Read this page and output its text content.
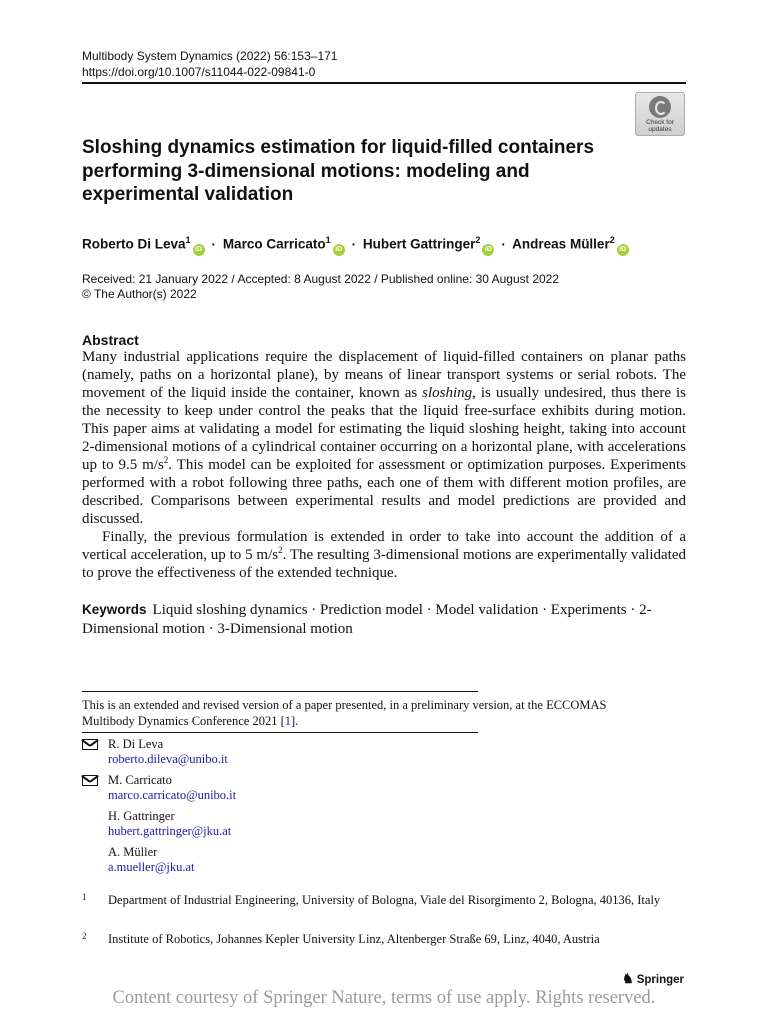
Multibody System Dynamics (2022) 56:153–171
https://doi.org/10.1007/s11044-022-09841-0
Check for
updates
Sloshing dynamics estimation for liquid-filled containers performing 3-dimensional motions: modeling and experimental validation
Roberto Di Leva$^1$iD · Marco Carricato$^1$iD · Hubert Gattringer$^2$iD · Andreas Müller$^2$iD
Received: 21 January 2022 / Accepted: 8 August 2022 / Published online: 30 August 2022
© The Author(s) 2022
Abstract

Many industrial applications require the displacement of liquid-filled containers on planar paths (namely, paths on a horizontal plane), by means of linear transport systems or serial robots. The movement of the liquid inside the container, known as sloshing, is usually undesired, thus there is the necessity to keep under control the peaks that the liquid free-surface exhibits during motion. This paper aims at validating a model for estimating the liquid sloshing height, taking into account 2-dimensional motions of a cylindrical container occurring on a horizontal plane, with accelerations up to 9.5 $m/s^2$. This model can be exploited for assessment or optimization purposes. Experiments performed with a robot following three paths, each one of them with different motion profiles, are described. Comparisons between experimental results and model predictions are provided and discussed.

Finally, the previous formulation is extended in order to take into account the addition of a vertical acceleration, up to 5 $m/s^2$. The resulting 3-dimensional motions are experimentally validated to prove the effectiveness of the extended technique.

Keywords Liquid sloshing dynamics · Prediction model · Model validation · Experiments · 2-Dimensional motion · 3-Dimensional motion
This is an extended and revised version of a paper presented, in a preliminary version, at the ECCOMAS Multibody Dynamics Conference 2021 [1].
R. Di Leva
roberto.dileva@unibo.it
M. Carricato
marco.carricato@unibo.it
H. Gattringer
hubert.gattringer@jku.at
A. Müller
a.mueller@jku.at
1	Department of Industrial Engineering, University of Bologna, Viale del Risorgimento 2, Bologna, 40136, Italy
2	Institute of Robotics, Johannes Kepler University Linz, Altenberger Straße 69, Linz, 4040, Austria
♞ Springer
Content courtesy of Springer Nature, terms of use apply. Rights reserved.
